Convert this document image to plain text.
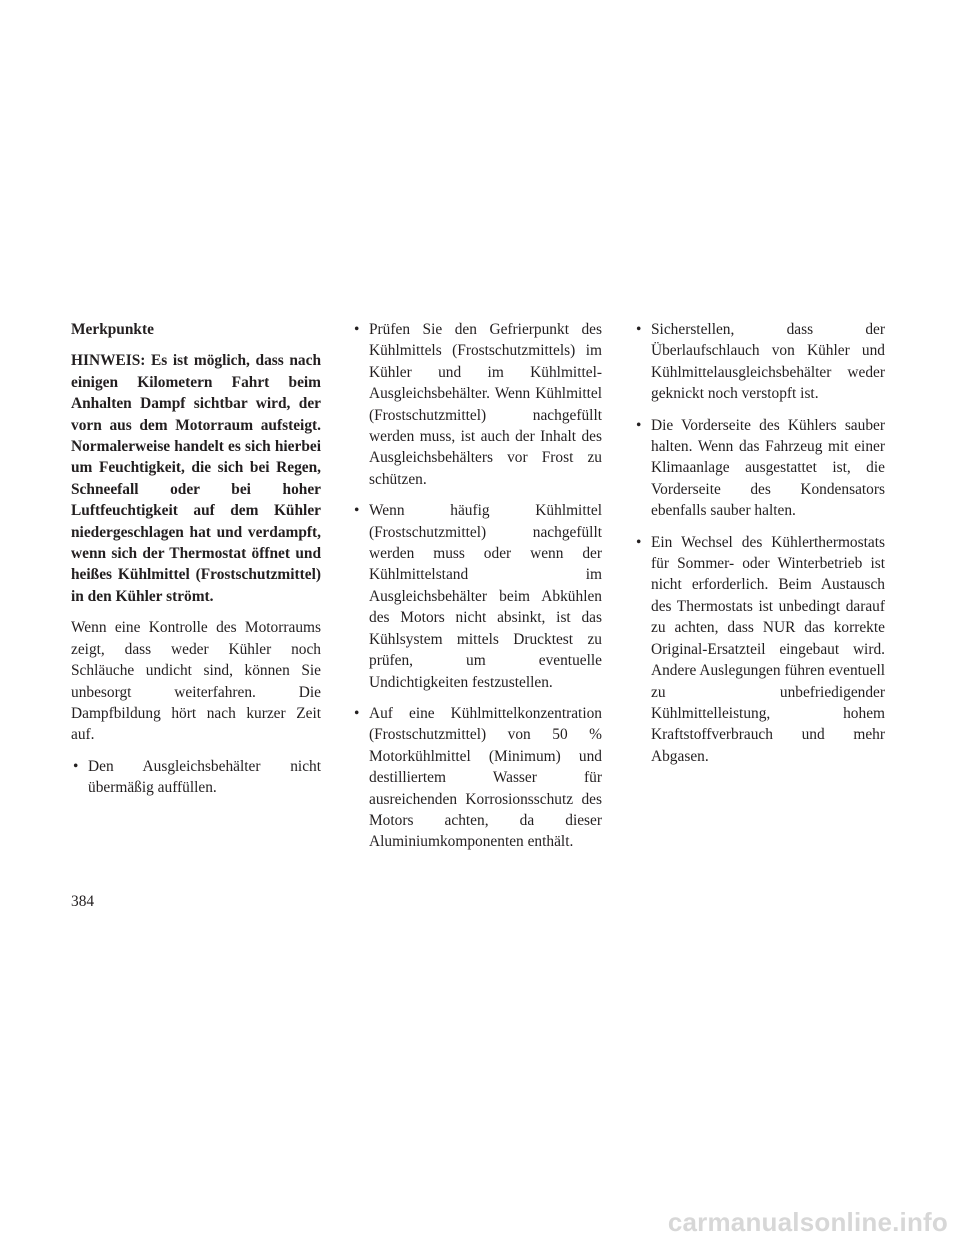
Merkpunkte
HINWEIS: Es ist möglich, dass nach einigen Kilometern Fahrt beim Anhalten Dampf sichtbar wird, der vorn aus dem Motorraum aufsteigt. Normalerweise handelt es sich hierbei um Feuchtigkeit, die sich bei Regen, Schneefall oder bei hoher Luftfeuchtigkeit auf dem Kühler niedergeschlagen hat und verdampft, wenn sich der Thermostat öffnet und heißes Kühlmittel (Frostschutzmittel) in den Kühler strömt.
Wenn eine Kontrolle des Motorraums zeigt, dass weder Kühler noch Schläuche undicht sind, können Sie unbesorgt weiterfahren. Die Dampfbildung hört nach kurzer Zeit auf.
• Den Ausgleichsbehälter nicht übermäßig auffüllen.
• Prüfen Sie den Gefrierpunkt des Kühlmittels (Frostschutzmittels) im Kühler und im Kühlmittel-Ausgleichsbehälter. Wenn Kühlmittel (Frostschutzmittel) nachgefüllt werden muss, ist auch der Inhalt des Ausgleichsbehälters vor Frost zu schützen.
• Wenn häufig Kühlmittel (Frostschutzmittel) nachgefüllt werden muss oder wenn der Kühlmittelstand im Ausgleichsbehälter beim Abkühlen des Motors nicht absinkt, ist das Kühlsystem mittels Drucktest zu prüfen, um eventuelle Undichtigkeiten festzustellen.
• Auf eine Kühlmittelkonzentration (Frostschutzmittel) von 50 % Motorkühlmittel (Minimum) und destilliertem Wasser für ausreichenden Korrosionsschutz des Motors achten, da dieser Aluminiumkomponenten enthält.
• Sicherstellen, dass der Überlaufschlauch von Kühler und Kühlmittelausgleichsbehälter weder geknickt noch verstopft ist.
• Die Vorderseite des Kühlers sauber halten. Wenn das Fahrzeug mit einer Klimaanlage ausgestattet ist, die Vorderseite des Kondensators ebenfalls sauber halten.
• Ein Wechsel des Kühlerthermostats für Sommer- oder Winterbetrieb ist nicht erforderlich. Beim Austausch des Thermostats ist unbedingt darauf zu achten, dass NUR das korrekte Original-Ersatzteil eingebaut wird. Andere Auslegungen führen eventuell zu unbefriedigender Kühlmittelleistung, hohem Kraftstoffverbrauch und mehr Abgasen.
384
carmanualsonline.info
